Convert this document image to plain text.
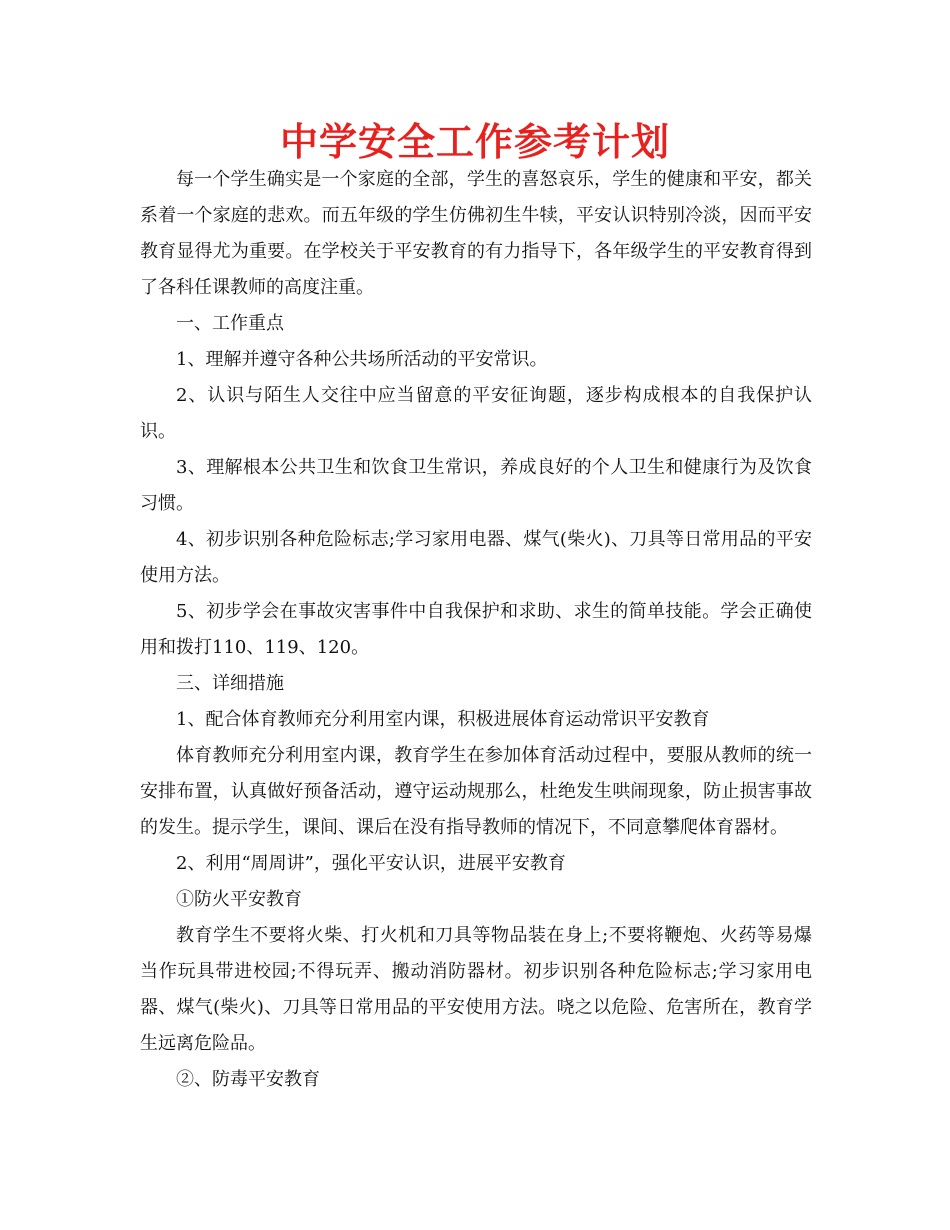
中学安全工作参考计划

每一个学生确实是一个家庭的全部，学生的喜怒哀乐，学生的健康和平安，都关系着一个家庭的悲欢。而五年级的学生仿佛初生牛犊，平安认识特别冷淡，因而平安教育显得尤为重要。在学校关于平安教育的有力指导下，各年级学生的平安教育得到了各科任课教师的高度注重。

一、工作重点

1、理解并遵守各种公共场所活动的平安常识。

2、认识与陌生人交往中应当留意的平安征询题，逐步构成根本的自我保护认识。

3、理解根本公共卫生和饮食卫生常识，养成良好的个人卫生和健康行为及饮食习惯。

4、初步识别各种危险标志;学习家用电器、煤气(柴火)、刀具等日常用品的平安使用方法。

5、初步学会在事故灾害事件中自我保护和求助、求生的简单技能。学会正确使用和拨打110、119、120。

三、详细措施

1、配合体育教师充分利用室内课，积极进展体育运动常识平安教育

体育教师充分利用室内课，教育学生在参加体育活动过程中，要服从教师的统一安排布置，认真做好预备活动，遵守运动规那么，杜绝发生哄闹现象，防止损害事故的发生。提示学生，课间、课后在没有指导教师的情况下，不同意攀爬体育器材。

2、利用“周周讲”，强化平安认识，进展平安教育

①防火平安教育

教育学生不要将火柴、打火机和刀具等物品装在身上;不要将鞭炮、火药等易爆当作玩具带进校园;不得玩弄、搬动消防器材。初步识别各种危险标志;学习家用电器、煤气(柴火)、刀具等日常用品的平安使用方法。哓之以危险、危害所在，教育学生远离危险品。

②、防毒平安教育
